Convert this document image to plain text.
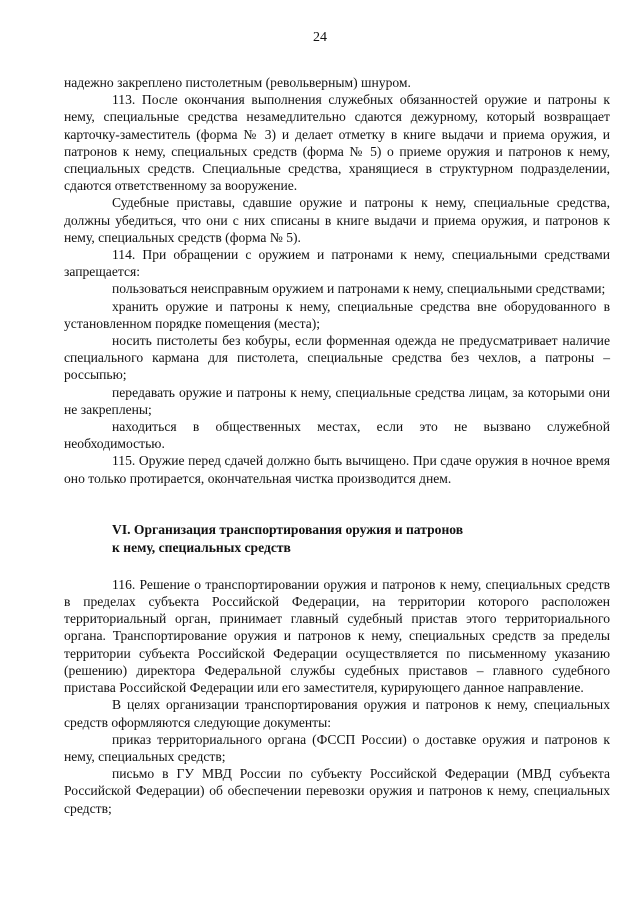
24

надежно закреплено пистолетным (револьверным) шнуром.

113. После окончания выполнения служебных обязанностей оружие и патроны к нему, специальные средства незамедлительно сдаются дежурному, который возвращает карточку-заместитель (форма № 3) и делает отметку в книге выдачи и приема оружия, и патронов к нему, специальных средств (форма № 5) о приеме оружия и патронов к нему, специальных средств. Специальные средства, хранящиеся в структурном подразделении, сдаются ответственному за вооружение.

Судебные приставы, сдавшие оружие и патроны к нему, специальные средства, должны убедиться, что они с них списаны в книге выдачи и приема оружия, и патронов к нему, специальных средств (форма № 5).

114. При обращении с оружием и патронами к нему, специальными средствами запрещается:

пользоваться неисправным оружием и патронами к нему, специальными средствами;

хранить оружие и патроны к нему, специальные средства вне оборудованного в установленном порядке помещения (места);

носить пистолеты без кобуры, если форменная одежда не предусматривает наличие специального кармана для пистолета, специальные средства без чехлов, а патроны – россыпью;

передавать оружие и патроны к нему, специальные средства лицам, за которыми они не закреплены;

находиться в общественных местах, если это не вызвано служебной необходимостью.

115. Оружие перед сдачей должно быть вычищено. При сдаче оружия в ночное время оно только протирается, окончательная чистка производится днем.

VI. Организация транспортирования оружия и патронов

к нему, специальных средств

116. Решение о транспортировании оружия и патронов к нему, специальных средств в пределах субъекта Российской Федерации, на территории которого расположен территориальный орган, принимает главный судебный пристав этого территориального органа. Транспортирование оружия и патронов к нему, специальных средств за пределы территории субъекта Российской Федерации осуществляется по письменному указанию (решению) директора Федеральной службы судебных приставов – главного судебного пристава Российской Федерации или его заместителя, курирующего данное направление.

В целях организации транспортирования оружия и патронов к нему, специальных средств оформляются следующие документы:

приказ территориального органа (ФССП России) о доставке оружия и патронов к нему, специальных средств;

письмо в ГУ МВД России по субъекту Российской Федерации (МВД субъекта Российской Федерации) об обеспечении перевозки оружия и патронов к нему, специальных средств;
